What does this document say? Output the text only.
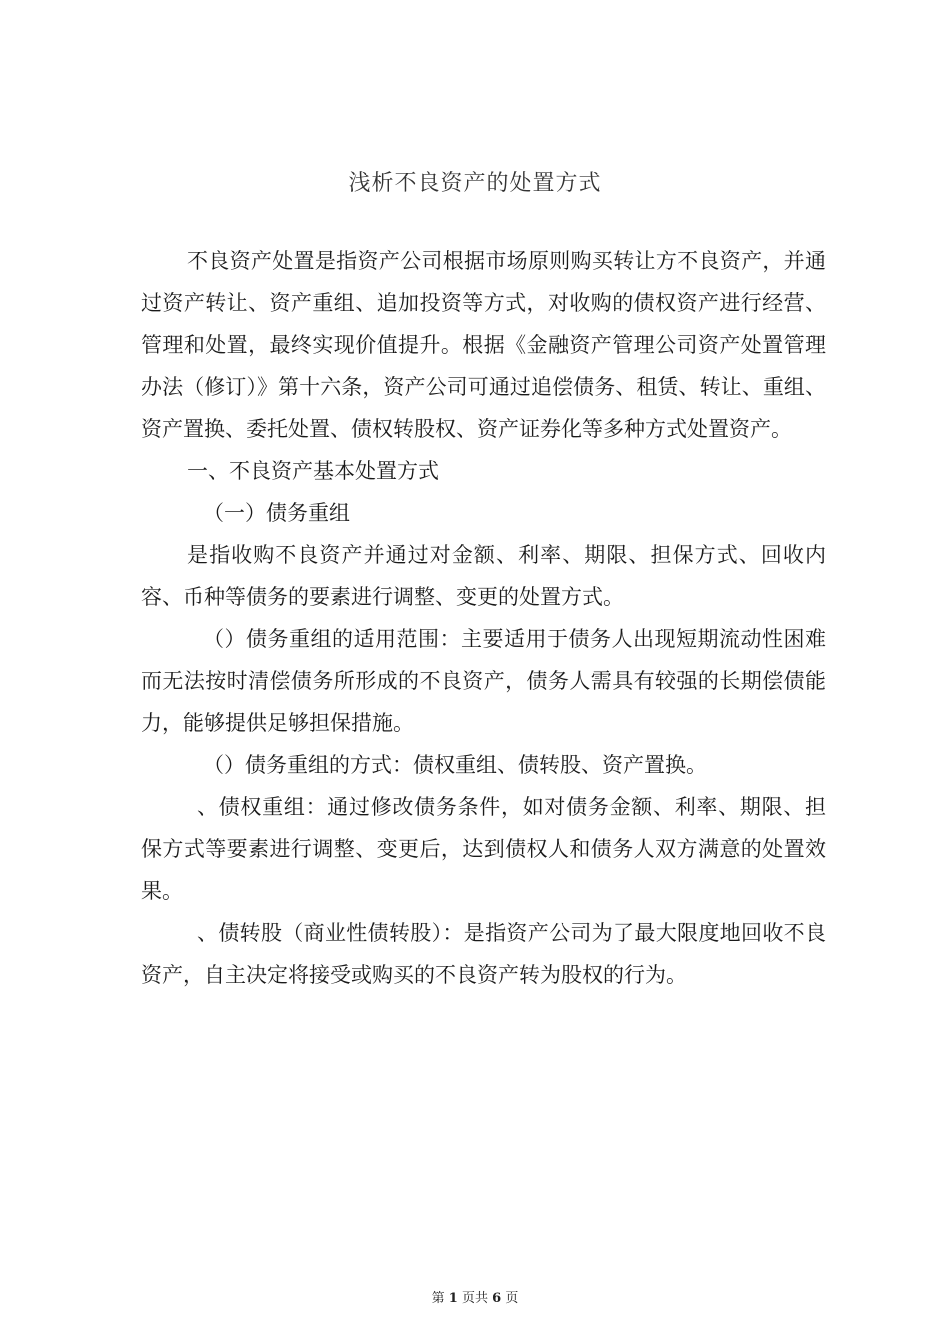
浅析不良资产的处置方式

不良资产处置是指资产公司根据市场原则购买转让方不良资产，并通过资产转让、资产重组、追加投资等方式，对收购的债权资产进行经营、管理和处置，最终实现价值提升。根据《金融资产管理公司资产处置管理办法（修订）》第十六条，资产公司可通过追偿债务、租赁、转让、重组、资产置换、委托处置、债权转股权、资产证券化等多种方式处置资产。

一、不良资产基本处置方式

（一）债务重组

是指收购不良资产并通过对金额、利率、期限、担保方式、回收内容、币种等债务的要素进行调整、变更的处置方式。

（）债务重组的适用范围：主要适用于债务人出现短期流动性困难而无法按时清偿债务所形成的不良资产，债务人需具有较强的长期偿债能力，能够提供足够担保措施。

（）债务重组的方式：债权重组、债转股、资产置换。

、债权重组：通过修改债务条件，如对债务金额、利率、期限、担保方式等要素进行调整、变更后，达到债权人和债务人双方满意的处置效果。

、债转股（商业性债转股）：是指资产公司为了最大限度地回收不良资产，自主决定将接受或购买的不良资产转为股权的行为。

第 1 页共 6 页
